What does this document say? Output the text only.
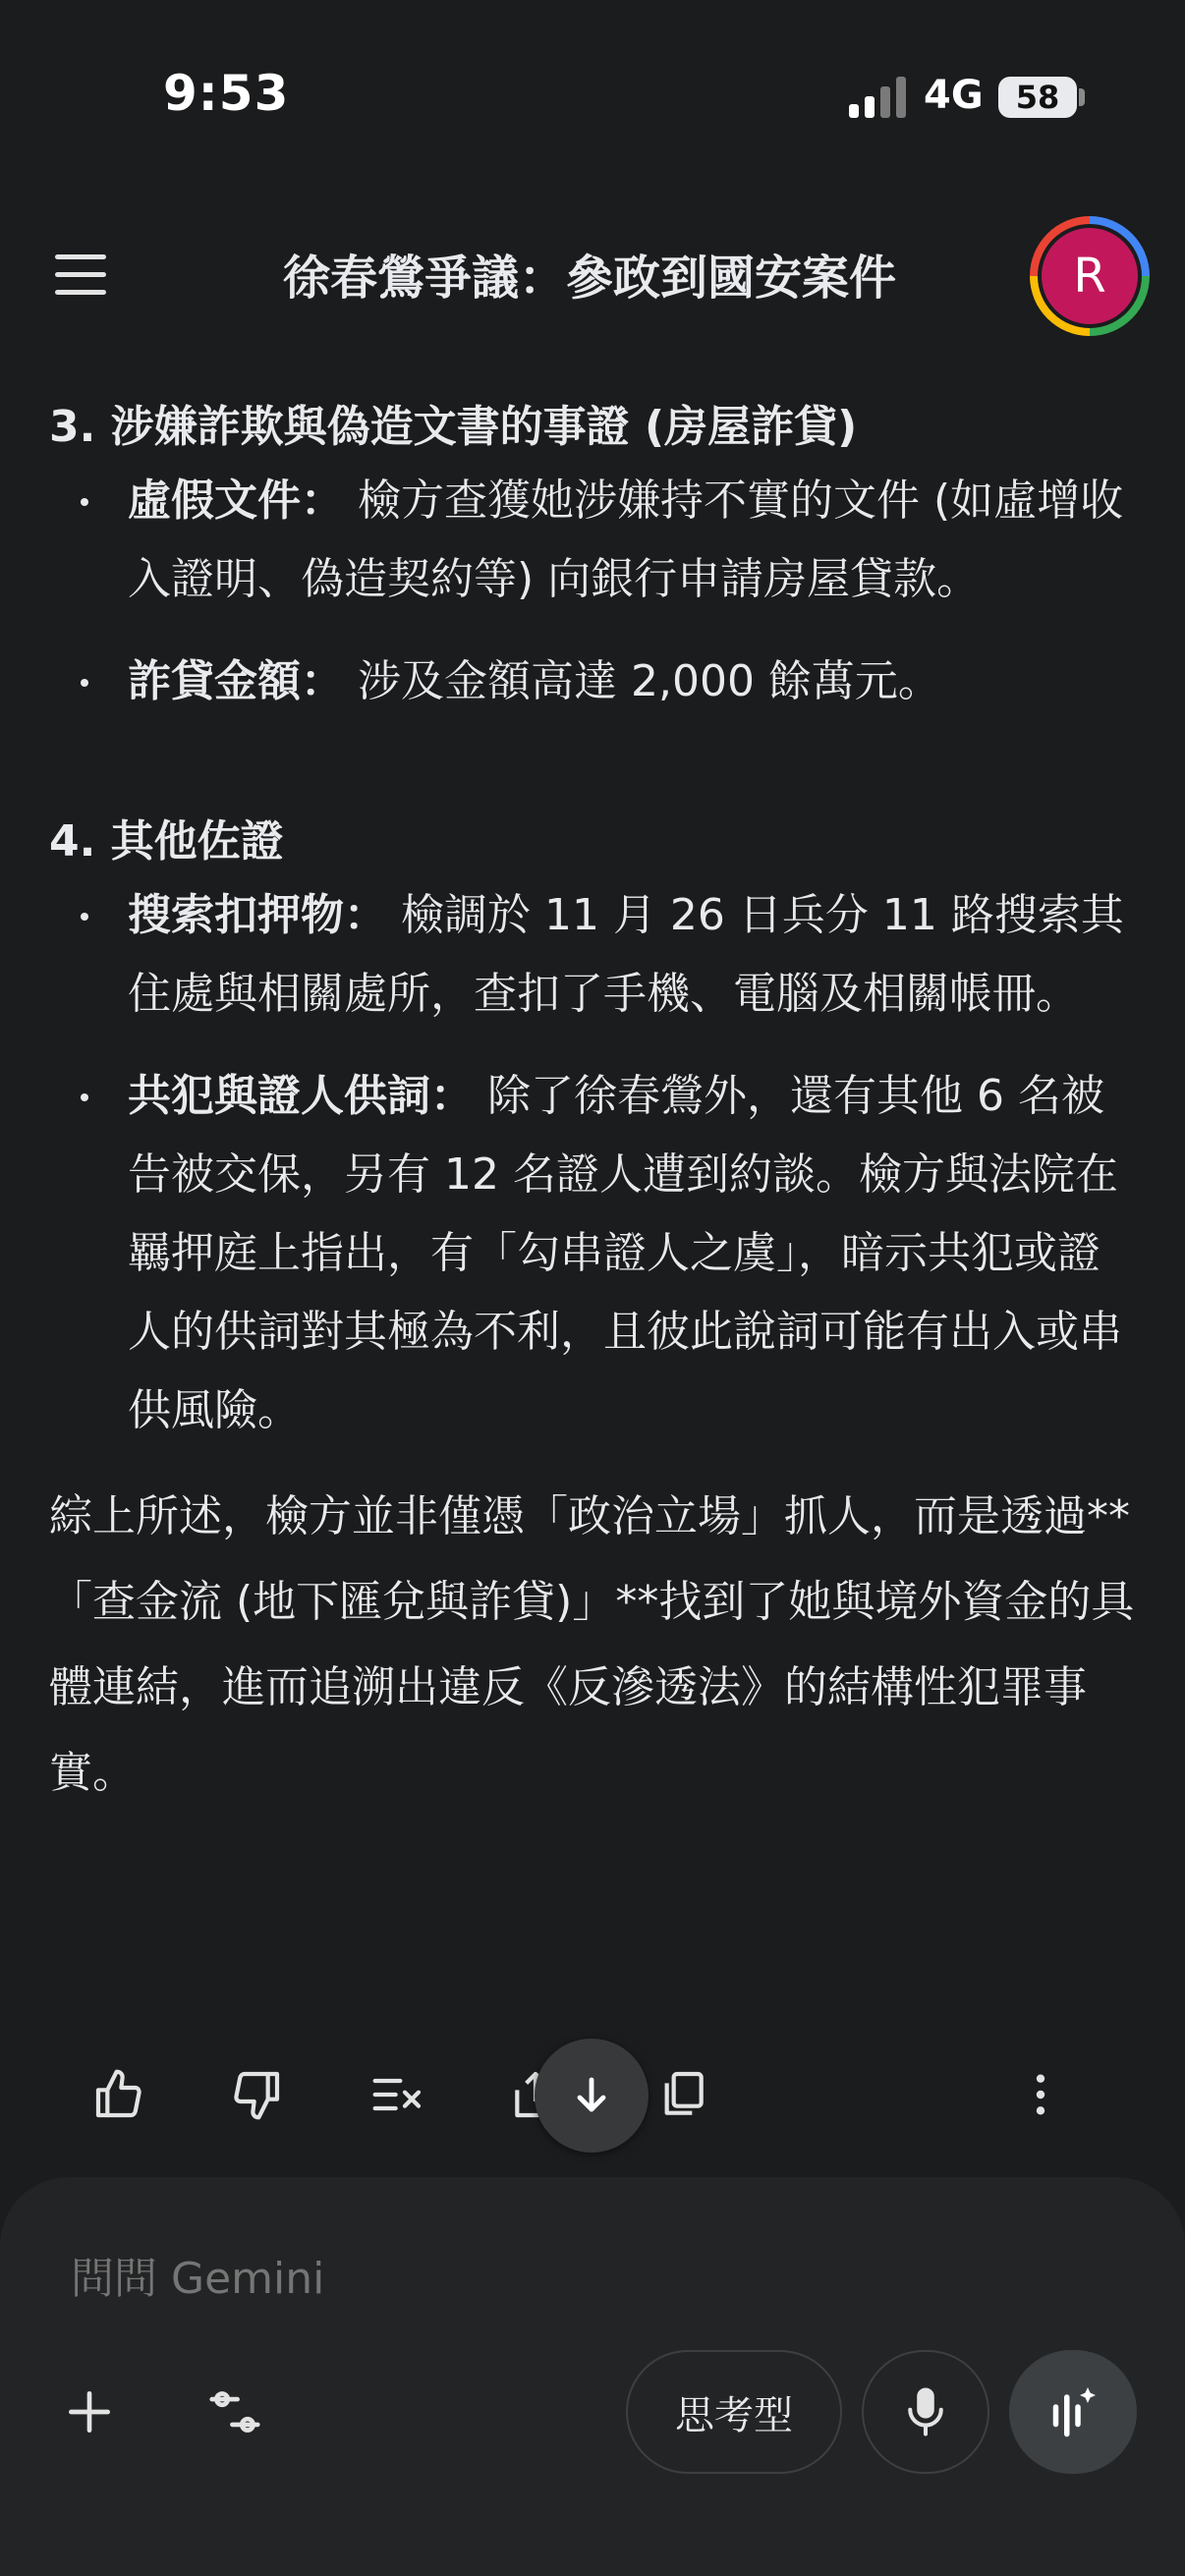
9:53	4G	58
徐春鶯爭議：參政到國安案件	R
3. 涉嫌詐欺與偽造文書的事證 (房屋詐貸)
虛假文件： 檢方查獲她涉嫌持不實的文件 (如虛增收入證明、偽造契約等) 向銀行申請房屋貸款。
詐貸金額： 涉及金額高達 2,000 餘萬元。
4. 其他佐證
搜索扣押物： 檢調於 11 月 26 日兵分 11 路搜索其住處與相關處所，查扣了手機、電腦及相關帳冊。
共犯與證人供詞： 除了徐春鶯外，還有其他 6 名被告被交保，另有 12 名證人遭到約談。檢方與法院在羈押庭上指出，有「勾串證人之虞」，暗示共犯或證人的供詞對其極為不利，且彼此說詞可能有出入或串供風險。

綜上所述，檢方並非僅憑「政治立場」抓人，而是透過**「查金流 (地下匯兌與詐貸)」**找到了她與境外資金的具體連結，進而追溯出違反《反滲透法》的結構性犯罪事實。

問問 Gemini
思考型
